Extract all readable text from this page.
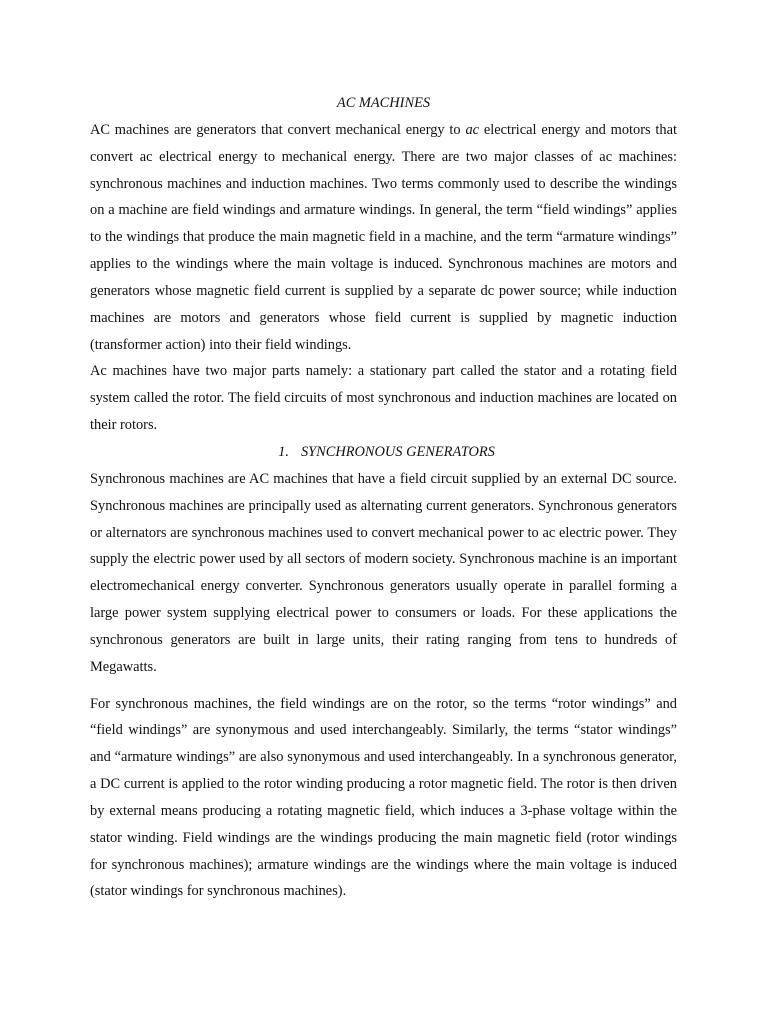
AC MACHINES

AC machines are generators that convert mechanical energy to ac electrical energy and motors that convert ac electrical energy to mechanical energy. There are two major classes of ac machines: synchronous machines and induction machines. Two terms commonly used to describe the windings on a machine are field windings and armature windings. In general, the term “field windings” applies to the windings that produce the main magnetic field in a machine, and the term “armature windings” applies to the windings where the main voltage is induced. Synchronous machines are motors and generators whose magnetic field current is supplied by a separate dc power source; while induction machines are motors and generators whose field current is supplied by magnetic induction (transformer action) into their field windings.

Ac machines have two major parts namely: a stationary part called the stator and a rotating field system called the rotor. The field circuits of most synchronous and induction machines are located on their rotors.

1. SYNCHRONOUS GENERATORS

Synchronous machines are AC machines that have a field circuit supplied by an external DC source. Synchronous machines are principally used as alternating current generators. Synchronous generators or alternators are synchronous machines used to convert mechanical power to ac electric power. They supply the electric power used by all sectors of modern society. Synchronous machine is an important electromechanical energy converter. Synchronous generators usually operate in parallel forming a large power system supplying electrical power to consumers or loads. For these applications the synchronous generators are built in large units, their rating ranging from tens to hundreds of Megawatts.

For synchronous machines, the field windings are on the rotor, so the terms “rotor windings” and “field windings” are synonymous and used interchangeably. Similarly, the terms “stator windings” and “armature windings” are also synonymous and used interchangeably. In a synchronous generator, a DC current is applied to the rotor winding producing a rotor magnetic field. The rotor is then driven by external means producing a rotating magnetic field, which induces a 3-phase voltage within the stator winding. Field windings are the windings producing the main magnetic field (rotor windings for synchronous machines); armature windings are the windings where the main voltage is induced (stator windings for synchronous machines).
